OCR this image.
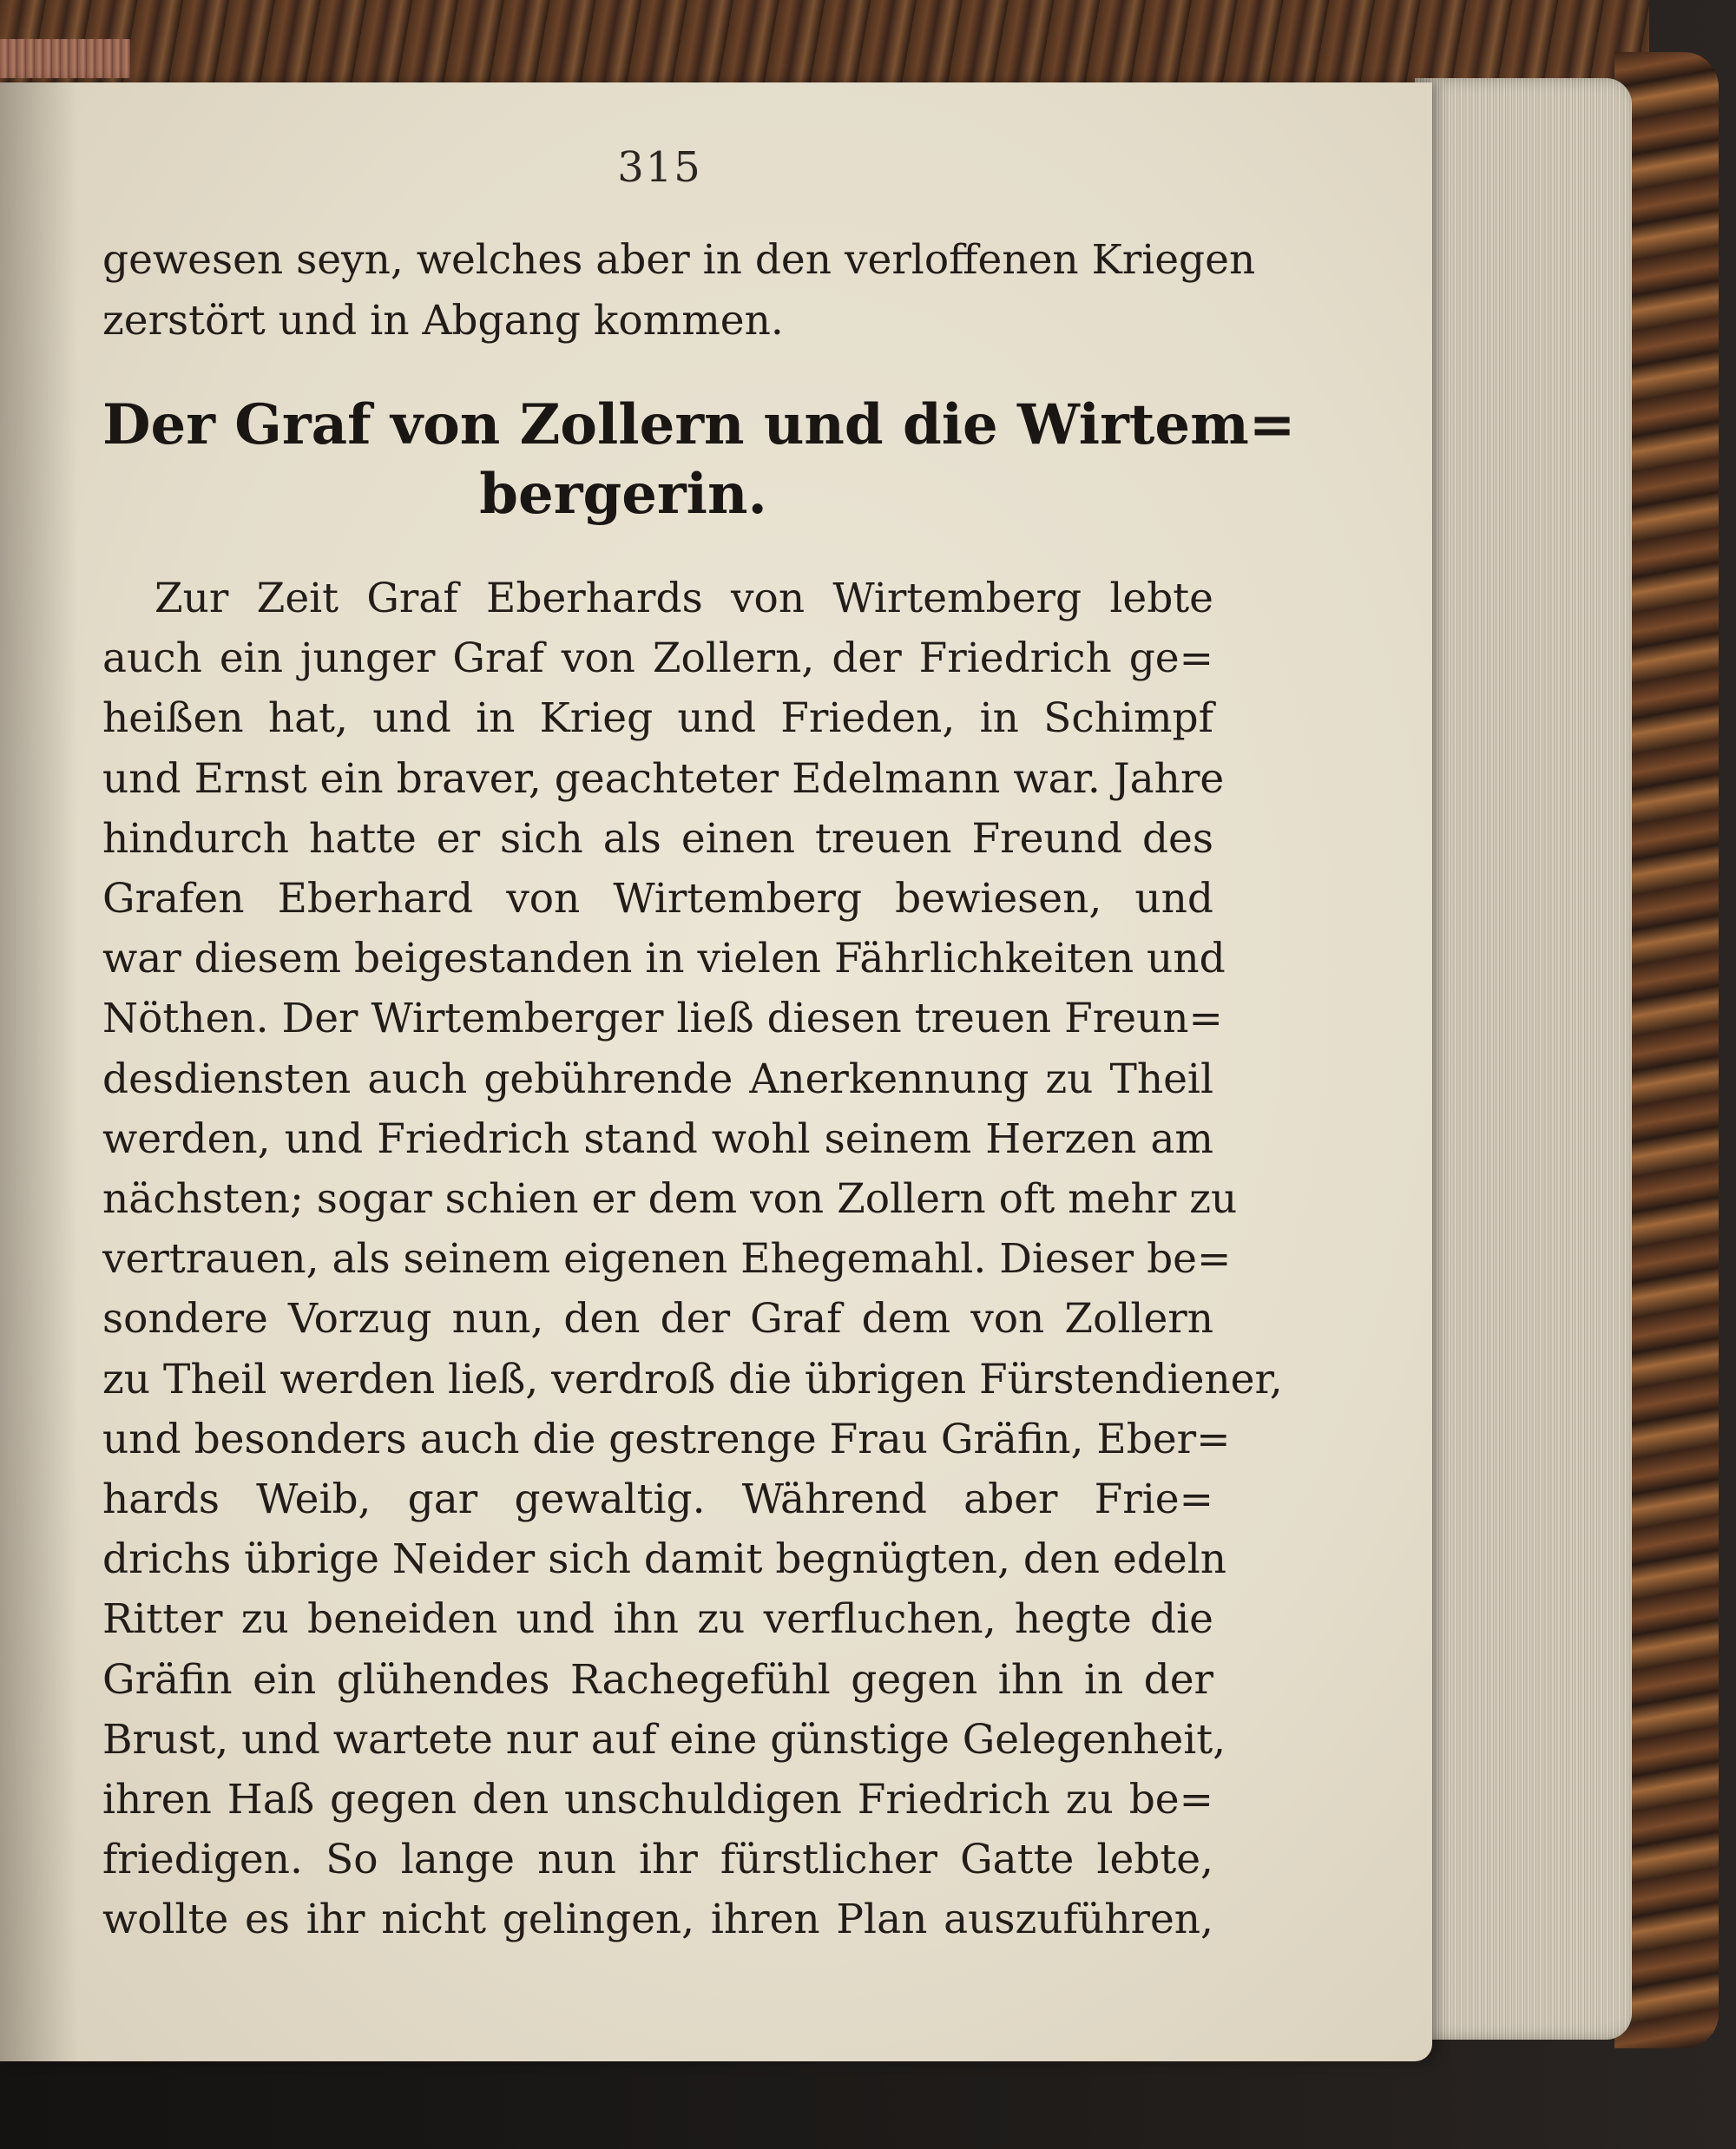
315
gewesen seyn, welches aber in den verloffenen Kriegen
zerstört und in Abgang kommen.
Der Graf von Zollern und die Wirtem=
bergerin.
Zur Zeit Graf Eberhards von Wirtemberg lebte
auch ein junger Graf von Zollern, der Friedrich ge=
heißen hat, und in Krieg und Frieden, in Schimpf
und Ernst ein braver, geachteter Edelmann war. Jahre
hindurch hatte er sich als einen treuen Freund des
Grafen Eberhard von Wirtemberg bewiesen, und
war diesem beigestanden in vielen Fährlichkeiten und
Nöthen. Der Wirtemberger ließ diesen treuen Freun=
desdiensten auch gebührende Anerkennung zu Theil
werden, und Friedrich stand wohl seinem Herzen am
nächsten; sogar schien er dem von Zollern oft mehr zu
vertrauen, als seinem eigenen Ehegemahl. Dieser be=
sondere Vorzug nun, den der Graf dem von Zollern
zu Theil werden ließ, verdroß die übrigen Fürstendiener,
und besonders auch die gestrenge Frau Gräfin, Eber=
hards Weib, gar gewaltig. Während aber Frie=
drichs übrige Neider sich damit begnügten, den edeln
Ritter zu beneiden und ihn zu verfluchen, hegte die
Gräfin ein glühendes Rachegefühl gegen ihn in der
Brust, und wartete nur auf eine günstige Gelegenheit,
ihren Haß gegen den unschuldigen Friedrich zu be=
friedigen. So lange nun ihr fürstlicher Gatte lebte,
wollte es ihr nicht gelingen, ihren Plan auszuführen,
